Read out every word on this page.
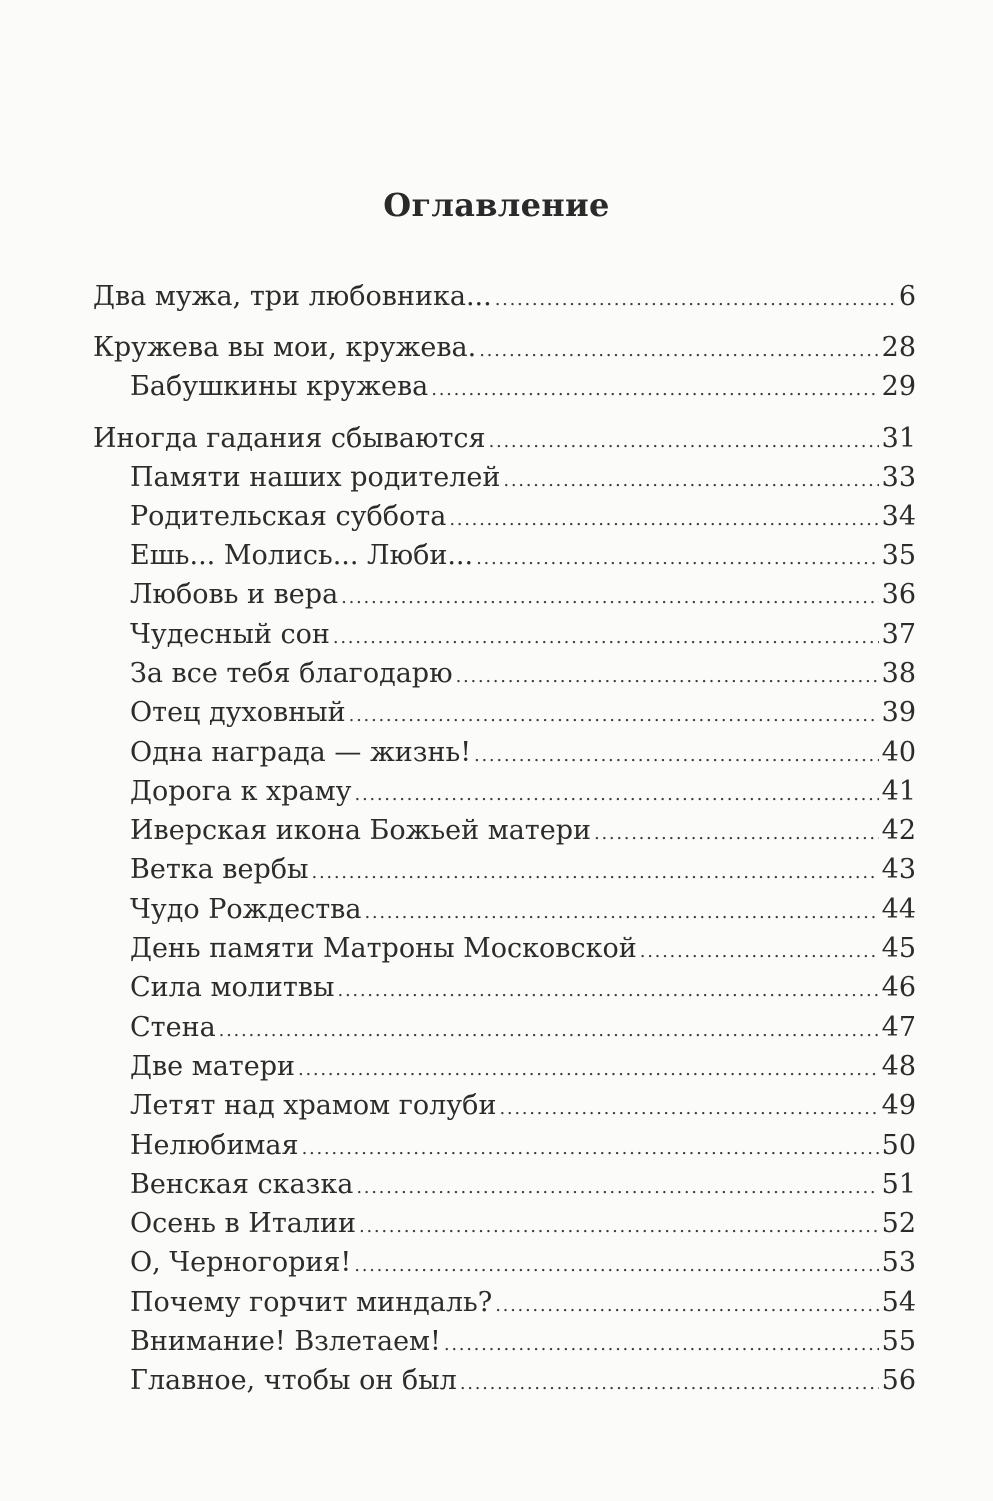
Оглавление
Два мужа, три любовника... . . .	6
Кружева вы мои, кружева. . . .	28
Бабушкины кружева . . .	29
Иногда гадания сбываются . . .	31
Памяти наших родителей . . .	33
Родительская суббота . . .	34
Ешь... Молись... Люби... . . .	35
Любовь и вера . . .	36
Чудесный сон . . .	37
За все тебя благодарю . . .	38
Отец духовный . . .	39
Одна награда — жизнь! . . .	40
Дорога к храму . . .	41
Иверская икона Божьей матери . . .	42
Ветка вербы . . .	43
Чудо Рождества . . .	44
День памяти Матроны Московской . . .	45
Сила молитвы . . .	46
Стена . . .	47
Две матери . . .	48
Летят над храмом голуби . . .	49
Нелюбимая . . .	50
Венская сказка . . .	51
Осень в Италии . . .	52
О, Черногория! . . .	53
Почему горчит миндаль? . . .	54
Внимание! Взлетаем! . . .	55
Главное, чтобы он был . . .	56
